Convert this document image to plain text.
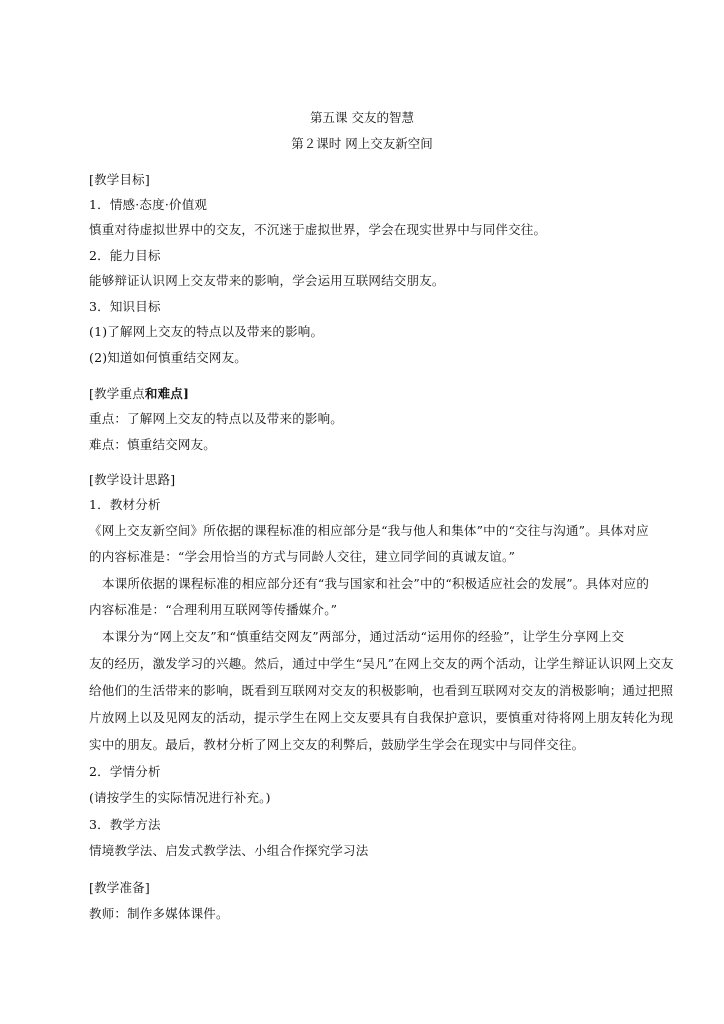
第五课 交友的智慧
第２课时 网上交友新空间
[教学目标]
1．情感·态度·价值观
慎重对待虚拟世界中的交友，不沉迷于虚拟世界，学会在现实世界中与同伴交往。
2．能力目标
能够辩证认识网上交友带来的影响，学会运用互联网结交朋友。
3．知识目标
(1)了解网上交友的特点以及带来的影响。
(2)知道如何慎重结交网友。
[教学重点和难点]
重点：了解网上交友的特点以及带来的影响。
难点：慎重结交网友。
[教学设计思路]
1．教材分析
《网上交友新空间》所依据的课程标准的相应部分是“我与他人和集体”中的“交往与沟通”。具体对应
的内容标准是：“学会用恰当的方式与同龄人交往，建立同学间的真诚友谊。”
本课所依据的课程标准的相应部分还有“我与国家和社会”中的“积极适应社会的发展”。具体对应的
内容标准是：“合理利用互联网等传播媒介。”
本课分为“网上交友”和“慎重结交网友”两部分，通过活动“运用你的经验”，让学生分享网上交
友的经历，激发学习的兴趣。然后，通过中学生“吴凡”在网上交友的两个活动，让学生辩证认识网上交友
给他们的生活带来的影响，既看到互联网对交友的积极影响，也看到互联网对交友的消极影响；通过把照
片放网上以及见网友的活动，提示学生在网上交友要具有自我保护意识，要慎重对待将网上朋友转化为现
实中的朋友。最后，教材分析了网上交友的利弊后，鼓励学生学会在现实中与同伴交往。
2．学情分析
(请按学生的实际情况进行补充。)
3．教学方法
情境教学法、启发式教学法、小组合作探究学习法
[教学准备]
教师：制作多媒体课件。
